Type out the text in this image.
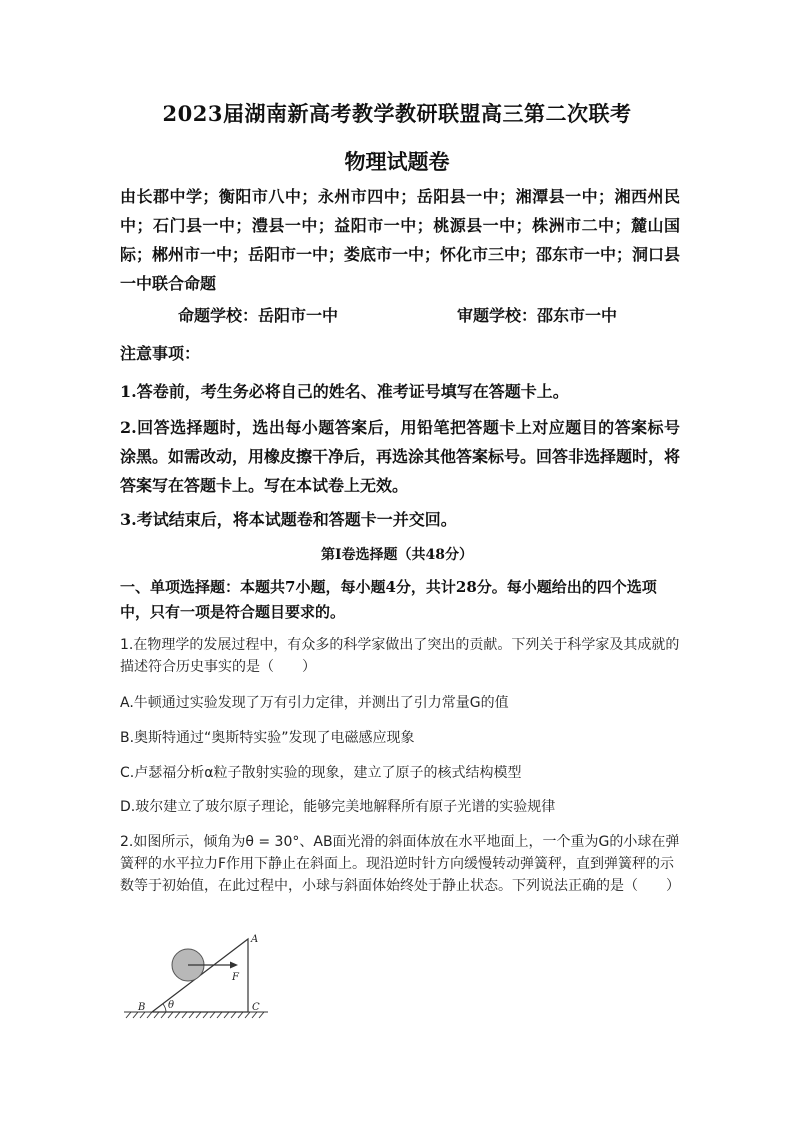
2023届湖南新高考教学教研联盟高三第二次联考
物理试题卷
由长郡中学；衡阳市八中；永州市四中；岳阳县一中；湘潭县一中；湘西州民中；石门县一中；澧县一中；益阳市一中；桃源县一中；株洲市二中；麓山国际；郴州市一中；岳阳市一中；娄底市一中；怀化市三中；邵东市一中；洞口县一中联合命题
命题学校：岳阳市一中	审题学校：邵东市一中
注意事项：
1.答卷前，考生务必将自己的姓名、准考证号填写在答题卡上。
2.回答选择题时，选出每小题答案后，用铅笔把答题卡上对应题目的答案标号涂黑。如需改动，用橡皮擦干净后，再选涂其他答案标号。回答非选择题时，将答案写在答题卡上。写在本试卷上无效。
3.考试结束后，将本试题卷和答题卡一并交回。
第Ⅰ卷选择题（共48分）
一、单项选择题：本题共7小题，每小题4分，共计28分。每小题给出的四个选项中，只有一项是符合题目要求的。
1.在物理学的发展过程中，有众多的科学家做出了突出的贡献。下列关于科学家及其成就的描述符合历史事实的是（　　）
A.牛顿通过实验发现了万有引力定律，并测出了引力常量G的值
B.奥斯特通过“奥斯特实验”发现了电磁感应现象
C.卢瑟福分析α粒子散射实验的现象，建立了原子的核式结构模型
D.玻尔建立了玻尔原子理论，能够完美地解释所有原子光谱的实验规律
2.如图所示，倾角为θ = 30°、AB面光滑的斜面体放在水平地面上，一个重为G的小球在弹簧秤的水平拉力F作用下静止在斜面上。现沿逆时针方向缓慢转动弹簧秤，直到弹簧秤的示数等于初始值，在此过程中，小球与斜面体始终处于静止状态。下列说法正确的是（　　）
A
B	C
F
θ
